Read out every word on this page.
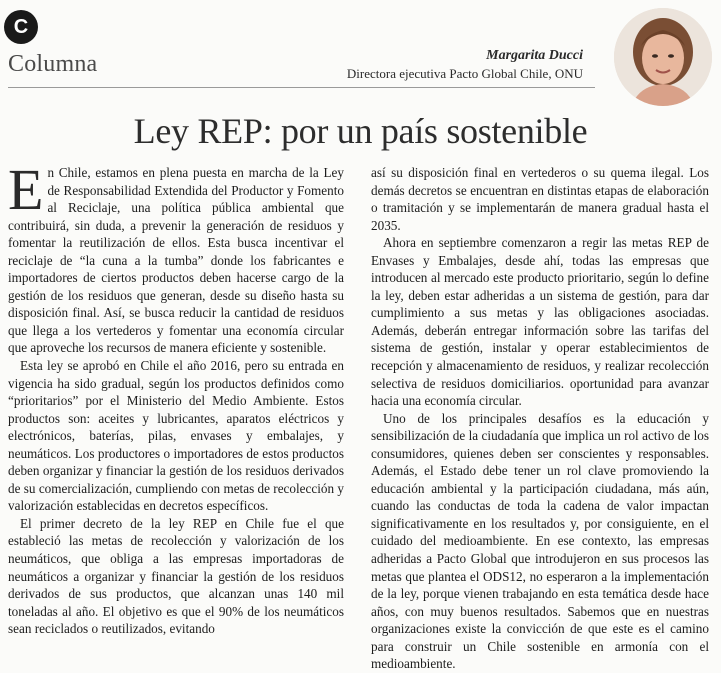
C
Columna	Margarita Ducci
Directora ejecutiva Pacto Global Chile, ONU
Ley REP: por un país sostenible

En Chile, estamos en plena puesta en marcha de la Ley de Responsabilidad Extendida del Productor y Fomento al Reciclaje, una política pública ambiental que contribuirá, sin duda, a prevenir la generación de residuos y fomentar la reutilización de ellos. Esta busca incentivar el reciclaje de “la cuna a la tumba” donde los fabricantes e importadores de ciertos productos deben hacerse cargo de la gestión de los residuos que generan, desde su diseño hasta su disposición final. Así, se busca reducir la cantidad de residuos que llega a los vertederos y fomentar una economía circular que aproveche los recursos de manera eficiente y sostenible.

Esta ley se aprobó en Chile el año 2016, pero su entrada en vigencia ha sido gradual, según los productos definidos como “prioritarios” por el Ministerio del Medio Ambiente. Estos productos son: aceites y lubricantes, aparatos eléctricos y electrónicos, baterías, pilas, envases y embalajes, y neumáticos. Los productores o importadores de estos productos deben organizar y financiar la gestión de los residuos derivados de su comercialización, cumpliendo con metas de recolección y valorización establecidas en decretos específicos.

El primer decreto de la ley REP en Chile fue el que estableció las metas de recolección y valorización de los neumáticos, que obliga a las empresas importadoras de neumáticos a organizar y financiar la gestión de los residuos derivados de sus productos, que alcanzan unas 140 mil toneladas al año. El objetivo es que el 90% de los neumáticos sean reciclados o reutilizados, evitando

así su disposición final en vertederos o su quema ilegal. Los demás decretos se encuentran en distintas etapas de elaboración o tramitación y se implementarán de manera gradual hasta el 2035.

Ahora en septiembre comenzaron a regir las metas REP de Envases y Embalajes, desde ahí, todas las empresas que introducen al mercado este producto prioritario, según lo define la ley, deben estar adheridas a un sistema de gestión, para dar cumplimiento a sus metas y las obligaciones asociadas. Además, deberán entregar información sobre las tarifas del sistema de gestión, instalar y operar establecimientos de recepción y almacenamiento de residuos, y realizar recolección selectiva de residuos domiciliarios. oportunidad para avanzar hacia una economía circular.

Uno de los principales desafíos es la educación y sensibilización de la ciudadanía que implica un rol activo de los consumidores, quienes deben ser conscientes y responsables. Además, el Estado debe tener un rol clave promoviendo la educación ambiental y la participación ciudadana, más aún, cuando las conductas de toda la cadena de valor impactan significativamente en los resultados y, por consiguiente, en el cuidado del medioambiente. En ese contexto, las empresas adheridas a Pacto Global que introdujeron en sus procesos las metas que plantea el ODS12, no esperaron a la implementación de la ley, porque vienen trabajando en esta temática desde hace años, con muy buenos resultados. Sabemos que en nuestras organizaciones existe la convicción de que este es el camino para construir un Chile sostenible en armonía con el medioambiente.
